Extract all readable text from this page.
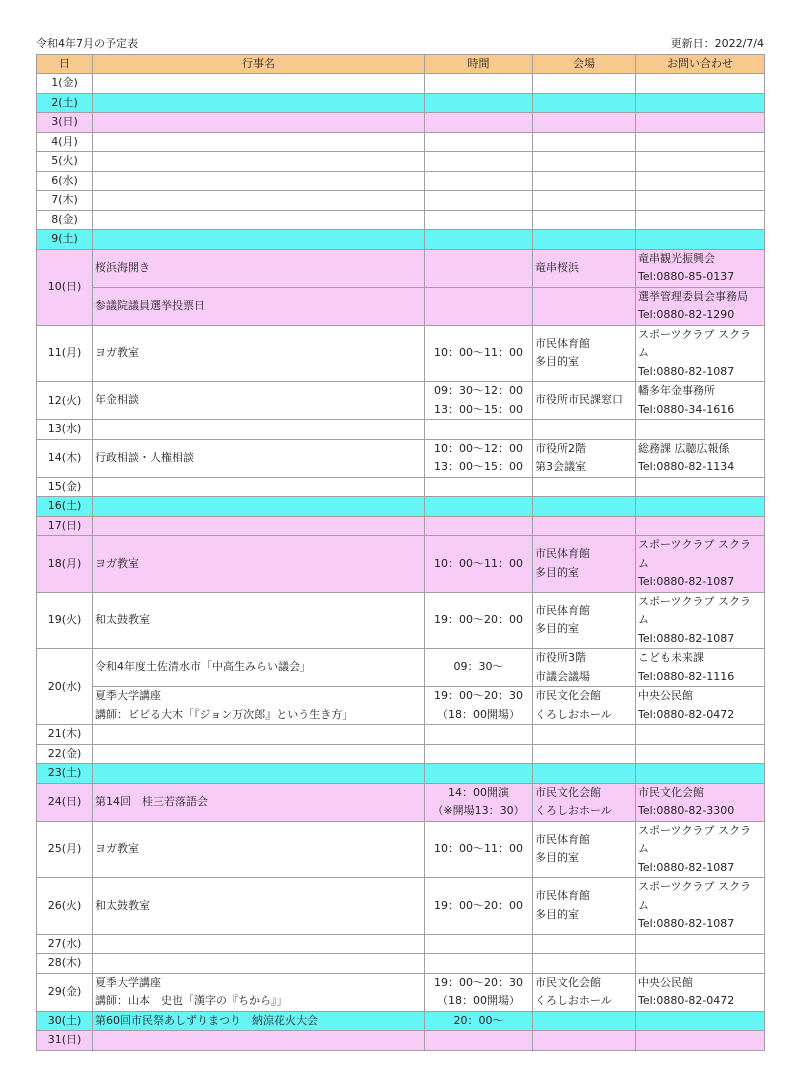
令和4年7月の予定表	更新日：2022/7/4
日	行事名	時間	会場	お問い合わせ
1(金)				
2(土)				
3(日)				
4(月)				
5(火)				
6(水)				
7(木)				
8(金)				
9(土)				
10(日)	桜浜海開き		竜串桜浜	竜串観光振興会
Tel:0880-85-0137

	参議院議員選挙投票日			選挙管理委員会事務局
Tel:0880-82-1290

11(月)	ヨガ教室	10：00～11：00	市民体育館
多目的室	スポーツクラブ スクラ
ム
Tel:0880-82-1087

12(火)	年金相談	09：30～12：00
13：00～15：00	市役所市民課窓口	幡多年金事務所
Tel:0880-34-1616

13(水)				
14(木)	行政相談・人権相談	10：00～12：00
13：00～15：00	市役所2階
第3会議室	総務課 広聴広報係
Tel:0880-82-1134

15(金)				
16(土)				
17(日)				
18(月)	ヨガ教室	10：00～11：00	市民体育館
多目的室	スポーツクラブ スクラ
ム
Tel:0880-82-1087

19(火)	和太鼓教室	19：00～20：00	市民体育館
多目的室	スポーツクラブ スクラ
ム
Tel:0880-82-1087

20(水)	令和4年度土佐清水市「中高生みらい議会」	09：30～	市役所3階
市議会議場	こども未来課
Tel:0880-82-1116

	夏季大学講座
講師：ビビる大木「『ジョン万次郎』という生き方」	19：00～20：30
（18：00開場）	市民文化会館
くろしおホール	中央公民館
Tel:0880-82-0472

21(木)				
22(金)				
23(土)				
24(日)	第14回　桂三若落語会	14：00開演
（※開場13：30）	市民文化会館
くろしおホール	市民文化会館
Tel:0880-82-3300

25(月)	ヨガ教室	10：00～11：00	市民体育館
多目的室	スポーツクラブ スクラ
ム
Tel:0880-82-1087

26(火)	和太鼓教室	19：00～20：00	市民体育館
多目的室	スポーツクラブ スクラ
ム
Tel:0880-82-1087

27(水)				
28(木)				
29(金)	夏季大学講座
講師：山本　史也「漢字の『ちから』」	19：00～20：30
（18：00開場）	市民文化会館
くろしおホール	中央公民館
Tel:0880-82-0472

30(土)	第60回市民祭あしずりまつり　納涼花火大会	20：00～		

31(日)				
